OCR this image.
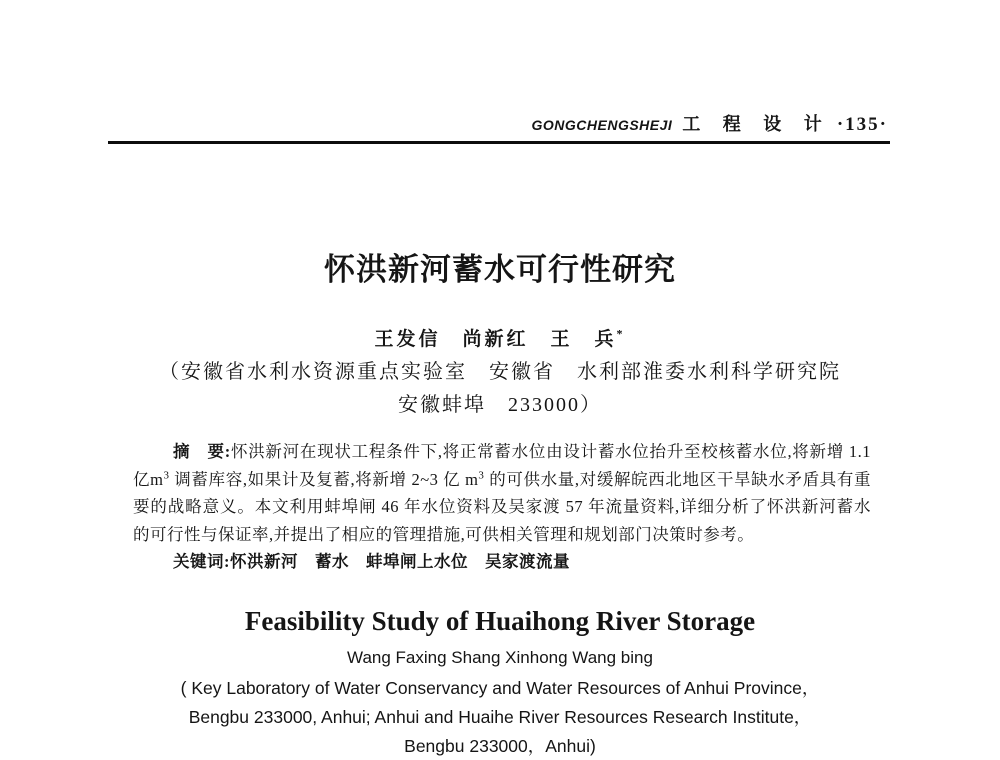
GONGCHENGSHEJI 工 程 设 计 ·135·
怀洪新河蓄水可行性研究
王发信　尚新红　王　兵*
（安徽省水利水资源重点实验室　安徽省　水利部淮委水利科学研究院
安徽蚌埠　233000）

摘　要:怀洪新河在现状工程条件下,将正常蓄水位由设计蓄水位抬升至校核蓄水位,将新增 1.1 亿$m^3$ 调蓄库容,如果计及复蓄,将新增 2~3 亿 $m^3$ 的可供水量,对缓解皖西北地区干旱缺水矛盾具有重要的战略意义。本文利用蚌埠闸 46 年水位资料及吴家渡 57 年流量资料,详细分析了怀洪新河蓄水的可行性与保证率,并提出了相应的管理措施,可供相关管理和规划部门决策时参考。

关键词:怀洪新河　蓄水　蚌埠闸上水位　吴家渡流量

Feasibility Study of Huaihong River Storage
Wang Faxing Shang Xinhong Wang bing
( Key Laboratory of Water Conservancy and Water Resources of Anhui Province，
Bengbu 233000, Anhui; Anhui and Huaihe River Resources Research Institute，
Bengbu 233000，Anhui)
